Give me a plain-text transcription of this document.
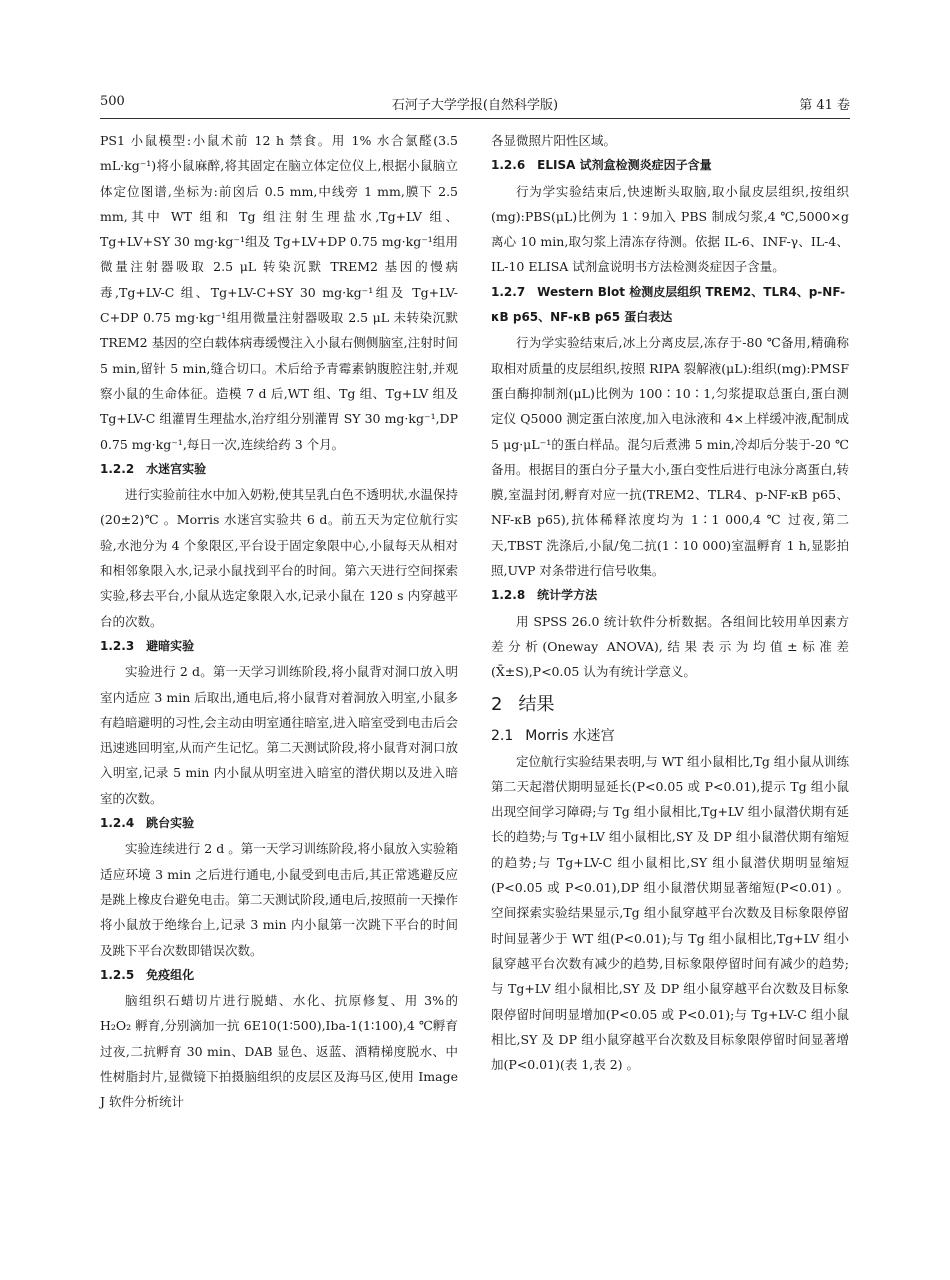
500	石河子大学学报(自然科学版)	第 41 卷

PS1 小鼠模型:小鼠术前 12 h 禁食。用 1% 水合氯醛(3.5 mL·kg⁻¹)将小鼠麻醉,将其固定在脑立体定位仪上,根据小鼠脑立体定位图谱,坐标为:前囟后 0.5 mm,中线旁 1 mm,膜下 2.5 mm,其中 WT 组和 Tg 组注射生理盐水,Tg+LV 组、Tg+LV+SY 30 mg·kg⁻¹组及 Tg+LV+DP 0.75 mg·kg⁻¹组用微量注射器吸取 2.5 μL 转染沉默 TREM2 基因的慢病毒,Tg+LV-C 组、Tg+LV-C+SY 30 mg·kg⁻¹组及 Tg+LV-C+DP 0.75 mg·kg⁻¹组用微量注射器吸取 2.5 μL 未转染沉默 TREM2 基因的空白载体病毒缓慢注入小鼠右侧侧脑室,注射时间 5 min,留针 5 min,缝合切口。术后给予青霉素钠腹腔注射,并观察小鼠的生命体征。造模 7 d 后,WT 组、Tg 组、Tg+LV 组及 Tg+LV-C 组灌胃生理盐水,治疗组分别灌胃 SY 30 mg·kg⁻¹,DP 0.75 mg·kg⁻¹,每日一次,连续给药 3 个月。

1.2.2 水迷宫实验

进行实验前往水中加入奶粉,使其呈乳白色不透明状,水温保持 (20±2)℃ 。Morris 水迷宫实验共 6 d。前五天为定位航行实验,水池分为 4 个象限区,平台设于固定象限中心,小鼠每天从相对和相邻象限入水,记录小鼠找到平台的时间。第六天进行空间探索实验,移去平台,小鼠从选定象限入水,记录小鼠在 120 s 内穿越平台的次数。

1.2.3 避暗实验

实验进行 2 d。第一天学习训练阶段,将小鼠背对洞口放入明室内适应 3 min 后取出,通电后,将小鼠背对着洞放入明室,小鼠多有趋暗避明的习性,会主动由明室通往暗室,进入暗室受到电击后会迅速逃回明室,从而产生记忆。第二天测试阶段,将小鼠背对洞口放入明室,记录 5 min 内小鼠从明室进入暗室的潜伏期以及进入暗室的次数。

1.2.4 跳台实验

实验连续进行 2 d 。第一天学习训练阶段,将小鼠放入实验箱适应环境 3 min 之后进行通电,小鼠受到电击后,其正常逃避反应是跳上橡皮台避免电击。第二天测试阶段,通电后,按照前一天操作将小鼠放于绝缘台上,记录 3 min 内小鼠第一次跳下平台的时间及跳下平台次数即错误次数。

1.2.5 免疫组化

脑组织石蜡切片进行脱蜡、水化、抗原修复、用 3%的 H₂O₂ 孵育,分别滴加一抗 6E10(1∶500),Iba-1(1∶100),4 ℃孵育过夜,二抗孵育 30 min、DAB 显色、返蓝、酒精梯度脱水、中性树脂封片,显微镜下拍摄脑组织的皮层区及海马区,使用 Image J 软件分析统计

各显微照片阳性区域。

1.2.6 ELISA 试剂盒检测炎症因子含量

行为学实验结束后,快速断头取脑,取小鼠皮层组织,按组织(mg):PBS(μL)比例为 1∶9加入 PBS 制成匀浆,4 ℃,5000×g 离心 10 min,取匀浆上清冻存待测。依据 IL-6、INF-γ、IL-4、IL-10 ELISA 试剂盒说明书方法检测炎症因子含量。

1.2.7 Western Blot 检测皮层组织 TREM2、TLR4、p-NF-κB p65、NF-κB p65 蛋白表达

行为学实验结束后,冰上分离皮层,冻存于-80 ℃备用,精确称取相对质量的皮层组织,按照 RIPA 裂解液(μL):组织(mg):PMSF 蛋白酶抑制剂(μL)比例为 100∶10∶1,匀浆提取总蛋白,蛋白测定仪 Q5000 测定蛋白浓度,加入电泳液和 4×上样缓冲液,配制成 5 μg·μL⁻¹的蛋白样品。混匀后煮沸 5 min,冷却后分装于-20 ℃备用。根据目的蛋白分子量大小,蛋白变性后进行电泳分离蛋白,转膜,室温封闭,孵育对应一抗(TREM2、TLR4、p-NF-κB p65、NF-κB p65),抗体稀释浓度均为 1∶1 000,4 ℃ 过夜,第二天,TBST 洗涤后,小鼠/兔二抗(1∶10 000)室温孵育 1 h,显影拍照,UVP 对条带进行信号收集。

1.2.8 统计学方法

用 SPSS 26.0 统计软件分析数据。各组间比较用单因素方差分析(Oneway ANOVA),结果表示为均值±标准差(X̄±S),P<0.05 认为有统计学意义。

2 结果
2.1 Morris 水迷宫

定位航行实验结果表明,与 WT 组小鼠相比,Tg 组小鼠从训练第二天起潜伏期明显延长(P<0.05 或 P<0.01),提示 Tg 组小鼠出现空间学习障碍;与 Tg 组小鼠相比,Tg+LV 组小鼠潜伏期有延长的趋势;与 Tg+LV 组小鼠相比,SY 及 DP 组小鼠潜伏期有缩短的趋势;与 Tg+LV-C 组小鼠相比,SY 组小鼠潜伏期明显缩短(P<0.05 或 P<0.01),DP 组小鼠潜伏期显著缩短(P<0.01) 。空间探索实验结果显示,Tg 组小鼠穿越平台次数及目标象限停留时间显著少于 WT 组(P<0.01);与 Tg 组小鼠相比,Tg+LV 组小鼠穿越平台次数有减少的趋势,目标象限停留时间有减少的趋势;与 Tg+LV 组小鼠相比,SY 及 DP 组小鼠穿越平台次数及目标象限停留时间明显增加(P<0.05 或 P<0.01);与 Tg+LV-C 组小鼠相比,SY 及 DP 组小鼠穿越平台次数及目标象限停留时间显著增加(P<0.01)(表 1,表 2) 。
